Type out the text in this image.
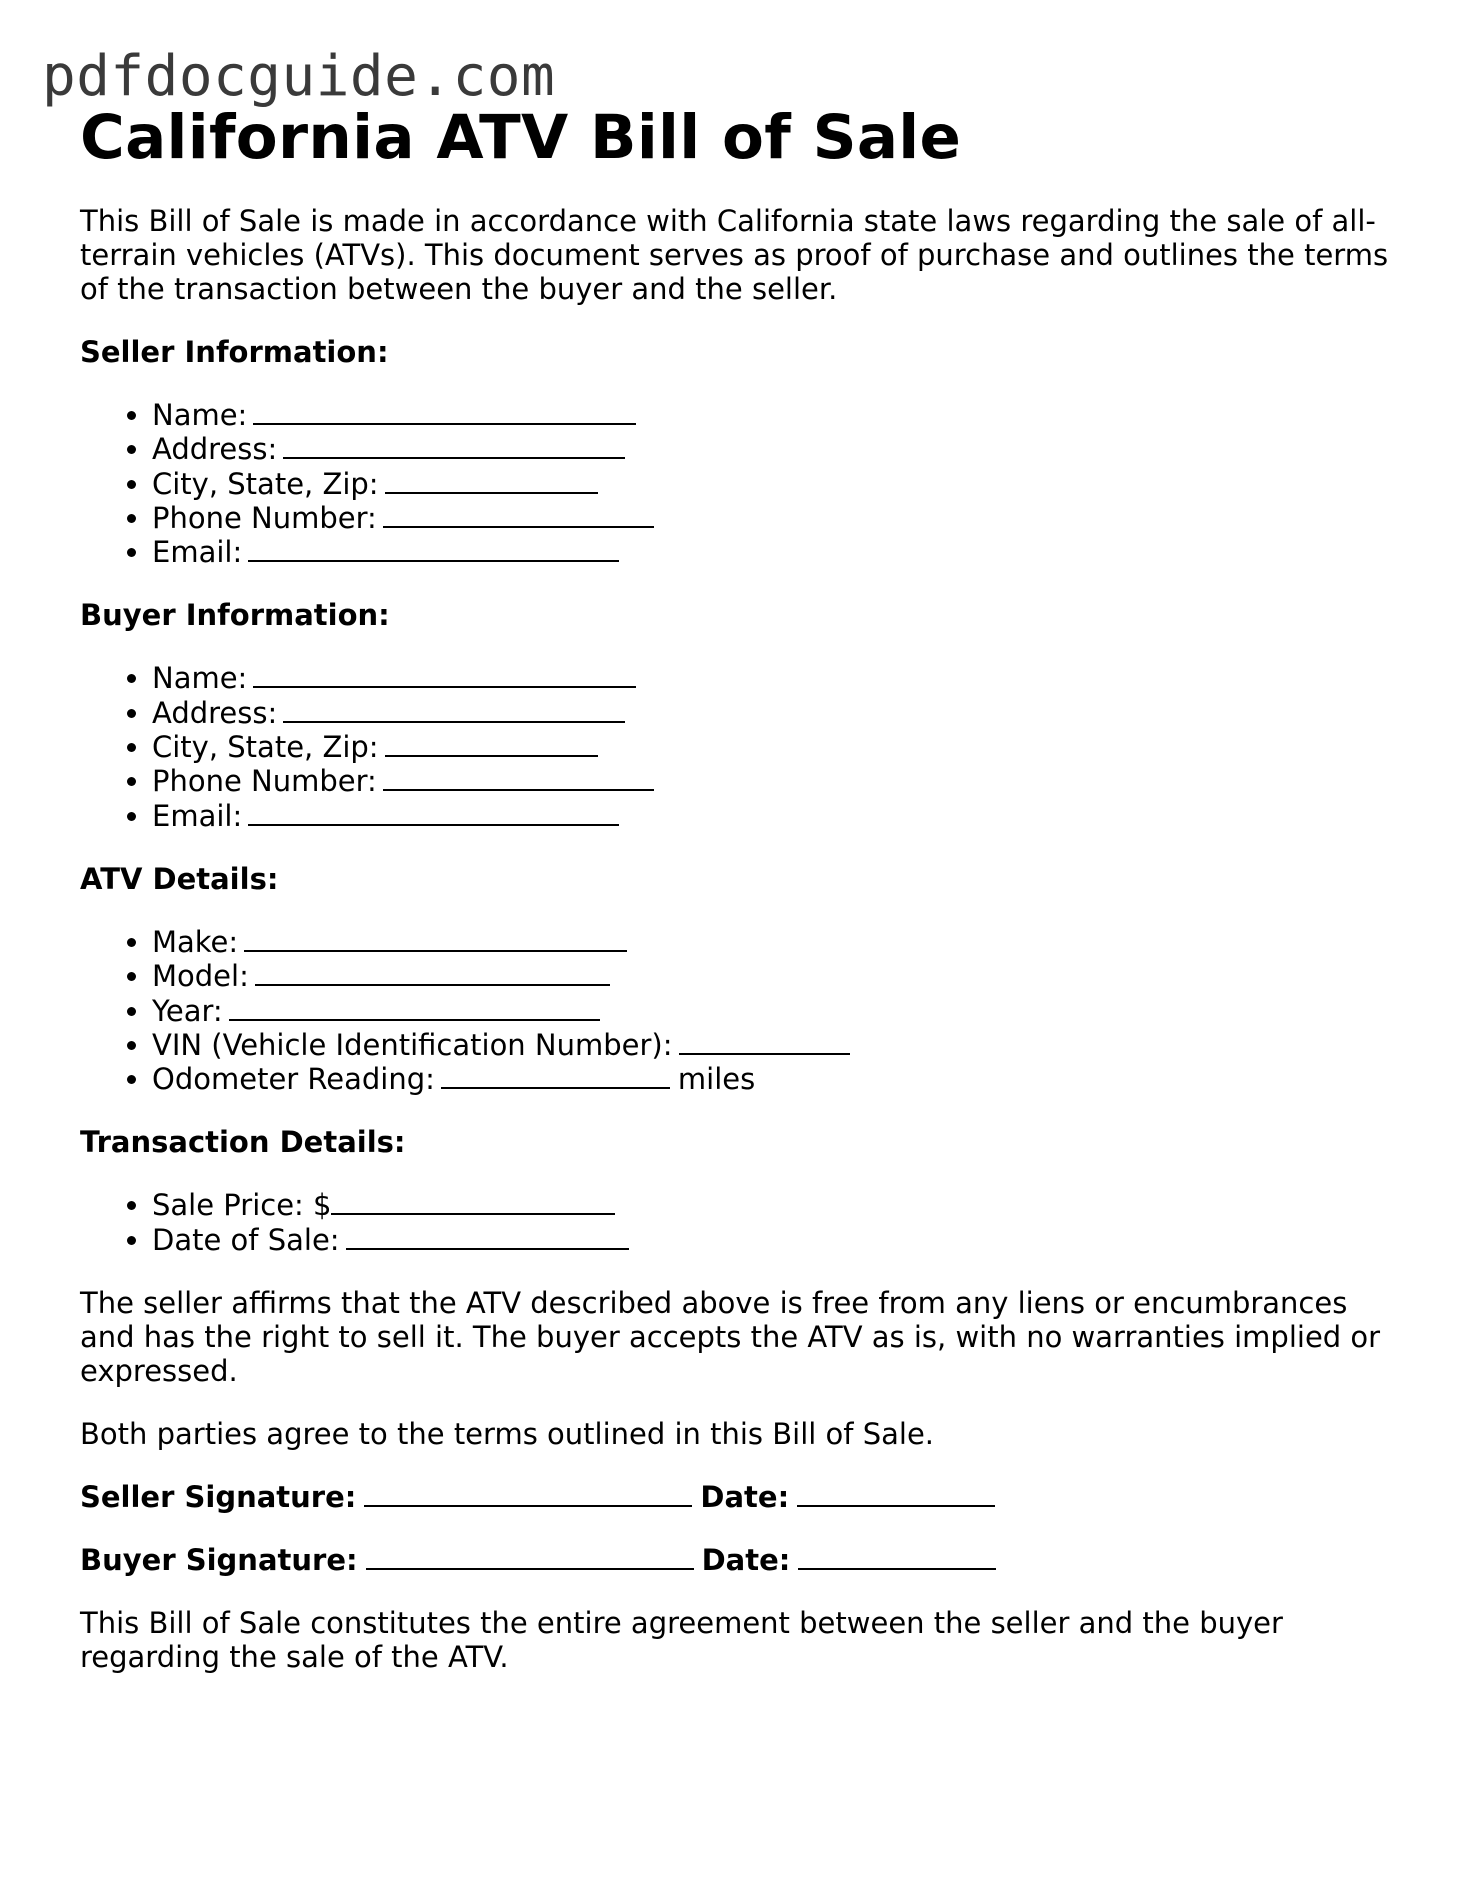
pdfdocguide.com
California ATV Bill of Sale

This Bill of Sale is made in accordance with California state laws regarding the sale of all-terrain vehicles (ATVs). This document serves as proof of purchase and outlines the terms of the transaction between the buyer and the seller.

Seller Information:
• Name:
• Address:
• City, State, Zip:
• Phone Number:
• Email:
Buyer Information:
• Name:
• Address:
• City, State, Zip:
• Phone Number:
• Email:
ATV Details:
• Make:
• Model:
• Year:
• VIN (Vehicle Identification Number):
• Odometer Reading:	miles
Transaction Details:
• Sale Price: $
• Date of Sale:

The seller affirms that the ATV described above is free from any liens or encumbrances and has the right to sell it. The buyer accepts the ATV as is, with no warranties implied or expressed.

Both parties agree to the terms outlined in this Bill of Sale.

Seller Signature:	Date:
Buyer Signature:	Date:

This Bill of Sale constitutes the entire agreement between the seller and the buyer regarding the sale of the ATV.
